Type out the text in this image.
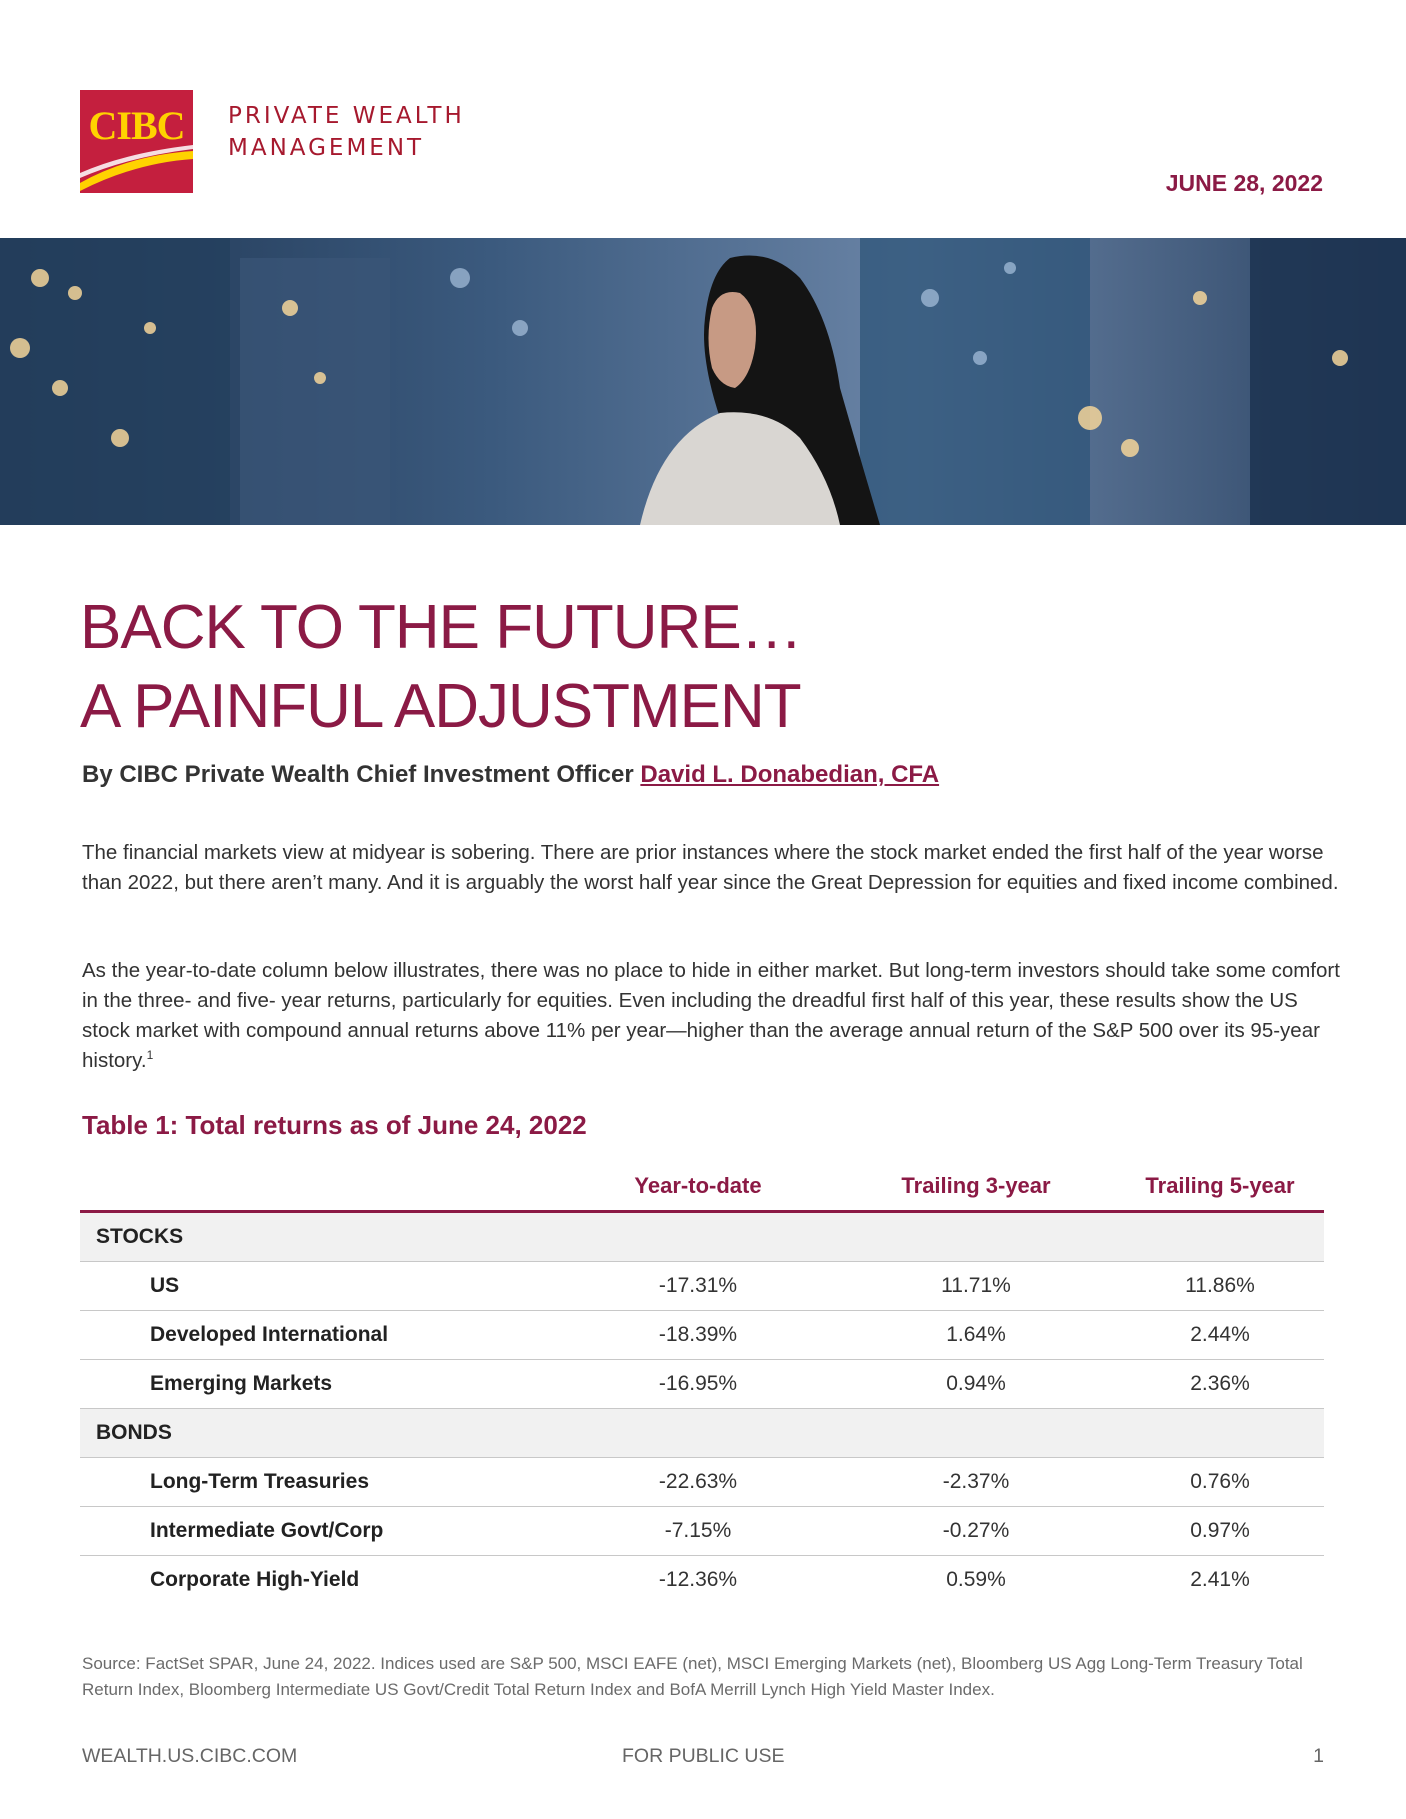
CIBC	PRIVATE WEALTH
MANAGEMENT
JUNE 28, 2022
BACK TO THE FUTURE…
A PAINFUL ADJUSTMENT
By CIBC Private Wealth Chief Investment Officer David L. Donabedian, CFA

The financial markets view at midyear is sobering. There are prior instances where the stock market ended the first half of the year worse than 2022, but there aren’t many. And it is arguably the worst half year since the Great Depression for equities and fixed income combined.

As the year-to-date column below illustrates, there was no place to hide in either market. But long-term investors should take some comfort in the three- and five- year returns, particularly for equities. Even including the dreadful first half of this year, these results show the US stock market with compound annual returns above 11% per year—higher than the average annual return of the S&P 500 over its 95-year history.$^1$

Table 1: Total returns as of June 24, 2022
	Year-to-date	Trailing 3-year	Trailing 5-year
STOCKS			
US	-17.31%	11.71%	11.86%
Developed International	-18.39%	1.64%	2.44%
Emerging Markets	-16.95%	0.94%	2.36%
BONDS			
Long-Term Treasuries	-22.63%	-2.37%	0.76%
Intermediate Govt/Corp	-7.15%	-0.27%	0.97%
Corporate High-Yield	-12.36%	0.59%	2.41%
Source: FactSet SPAR, June 24, 2022. Indices used are S&P 500, MSCI EAFE (net), MSCI Emerging Markets (net), Bloomberg US Agg Long-Term Treasury Total Return Index, Bloomberg Intermediate US Govt/Credit Total Return Index and BofA Merrill Lynch High Yield Master Index.
WEALTH.US.CIBC.COM	FOR PUBLIC USE	1
